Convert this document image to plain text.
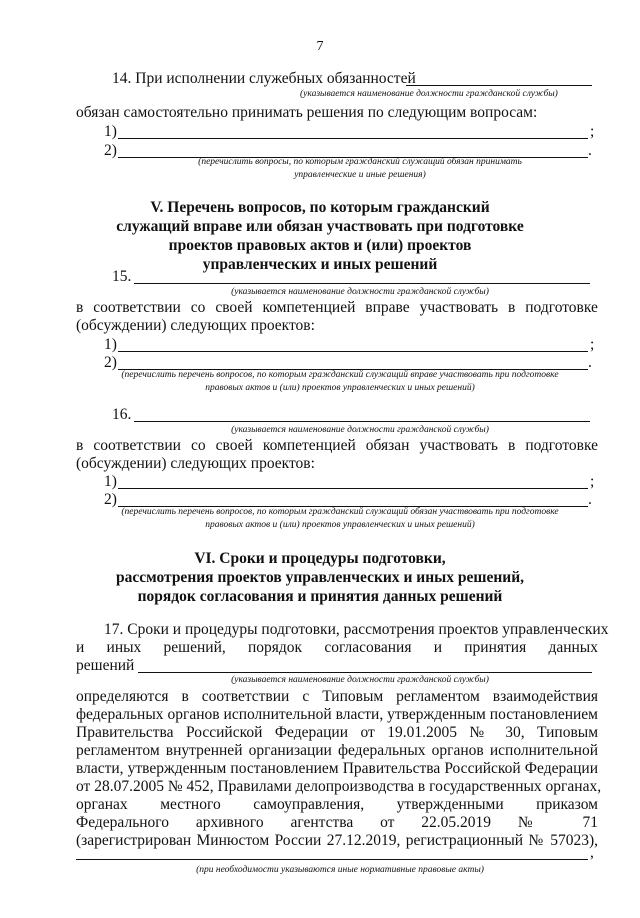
7
14. При исполнении служебных обязанностей
(указывается наименование должности гражданской службы)
обязан самостоятельно принимать решения по следующим вопросам:
1)	;
2)	.
(перечислить вопросы, по которым гражданский служащий обязан принимать
управленческие и иные решения)
V. Перечень вопросов, по которым гражданский
служащий вправе или обязан участвовать при подготовке
проектов правовых актов и (или) проектов
управленческих и иных решений
15.
(указывается наименование должности гражданской службы)
в соответствии со своей компетенцией вправе участвовать в подготовке
(обсуждении) следующих проектов:
1)	;
2)	.
(перечислить перечень вопросов, по которым гражданский служащий вправе участвовать при подготовке
правовых актов и (или) проектов управленческих и иных решений)
16.
(указывается наименование должности гражданской службы)
в соответствии со своей компетенцией обязан участвовать в подготовке
(обсуждении) следующих проектов:
1)	;
2)	.
(перечислить перечень вопросов, по которым гражданский служащий обязан участвовать при подготовке
правовых актов и (или) проектов управленческих и иных решений)
VI. Сроки и процедуры подготовки,
рассмотрения проектов управленческих и иных решений,
порядок согласования и принятия данных решений
17. Сроки и процедуры подготовки, рассмотрения проектов управленческих
и иных решений, порядок согласования и принятия данных
решений
(указывается наименование должности гражданской службы)
определяются в соответствии с Типовым регламентом взаимодействия
федеральных органов исполнительной власти, утвержденным постановлением
Правительства Российской Федерации от 19.01.2005 № 30, Типовым
регламентом внутренней организации федеральных органов исполнительной
власти, утвержденным постановлением Правительства Российской Федерации
от 28.07.2005 № 452, Правилами делопроизводства в государственных органах,
органах местного самоуправления, утвержденными приказом
Федерального архивного агентства от 22.05.2019 № 71
(зарегистрирован Минюстом России 27.12.2019, регистрационный № 57023),
,
(при необходимости указываются иные нормативные правовые акты)
